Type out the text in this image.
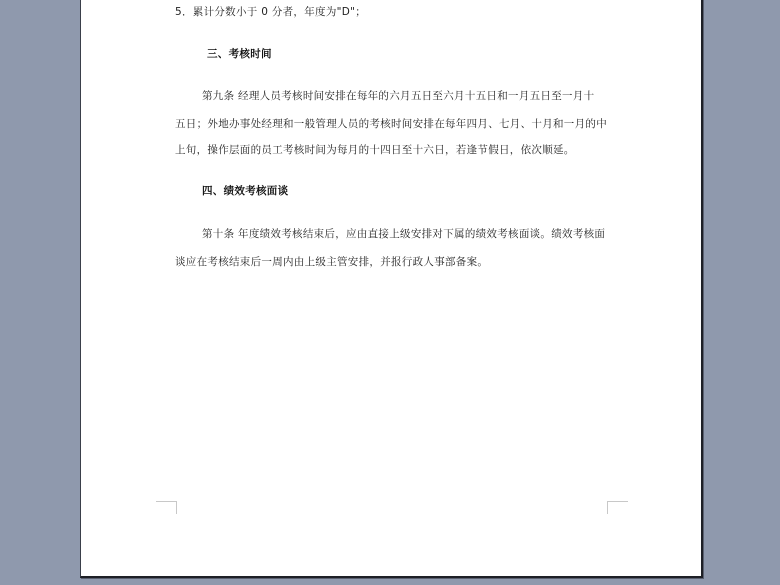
5．累计分数小于 0 分者，年度为"D"；
三、考核时间
第九条 经理人员考核时间安排在每年的六月五日至六月十五日和一月五日至一月十
五日；外地办事处经理和一般管理人员的考核时间安排在每年四月、七月、十月和一月的中
上旬，操作层面的员工考核时间为每月的十四日至十六日，若逢节假日，依次顺延。
四、绩效考核面谈
第十条 年度绩效考核结束后，应由直接上级安排对下属的绩效考核面谈。绩效考核面
谈应在考核结束后一周内由上级主管安排，并报行政人事部备案。
